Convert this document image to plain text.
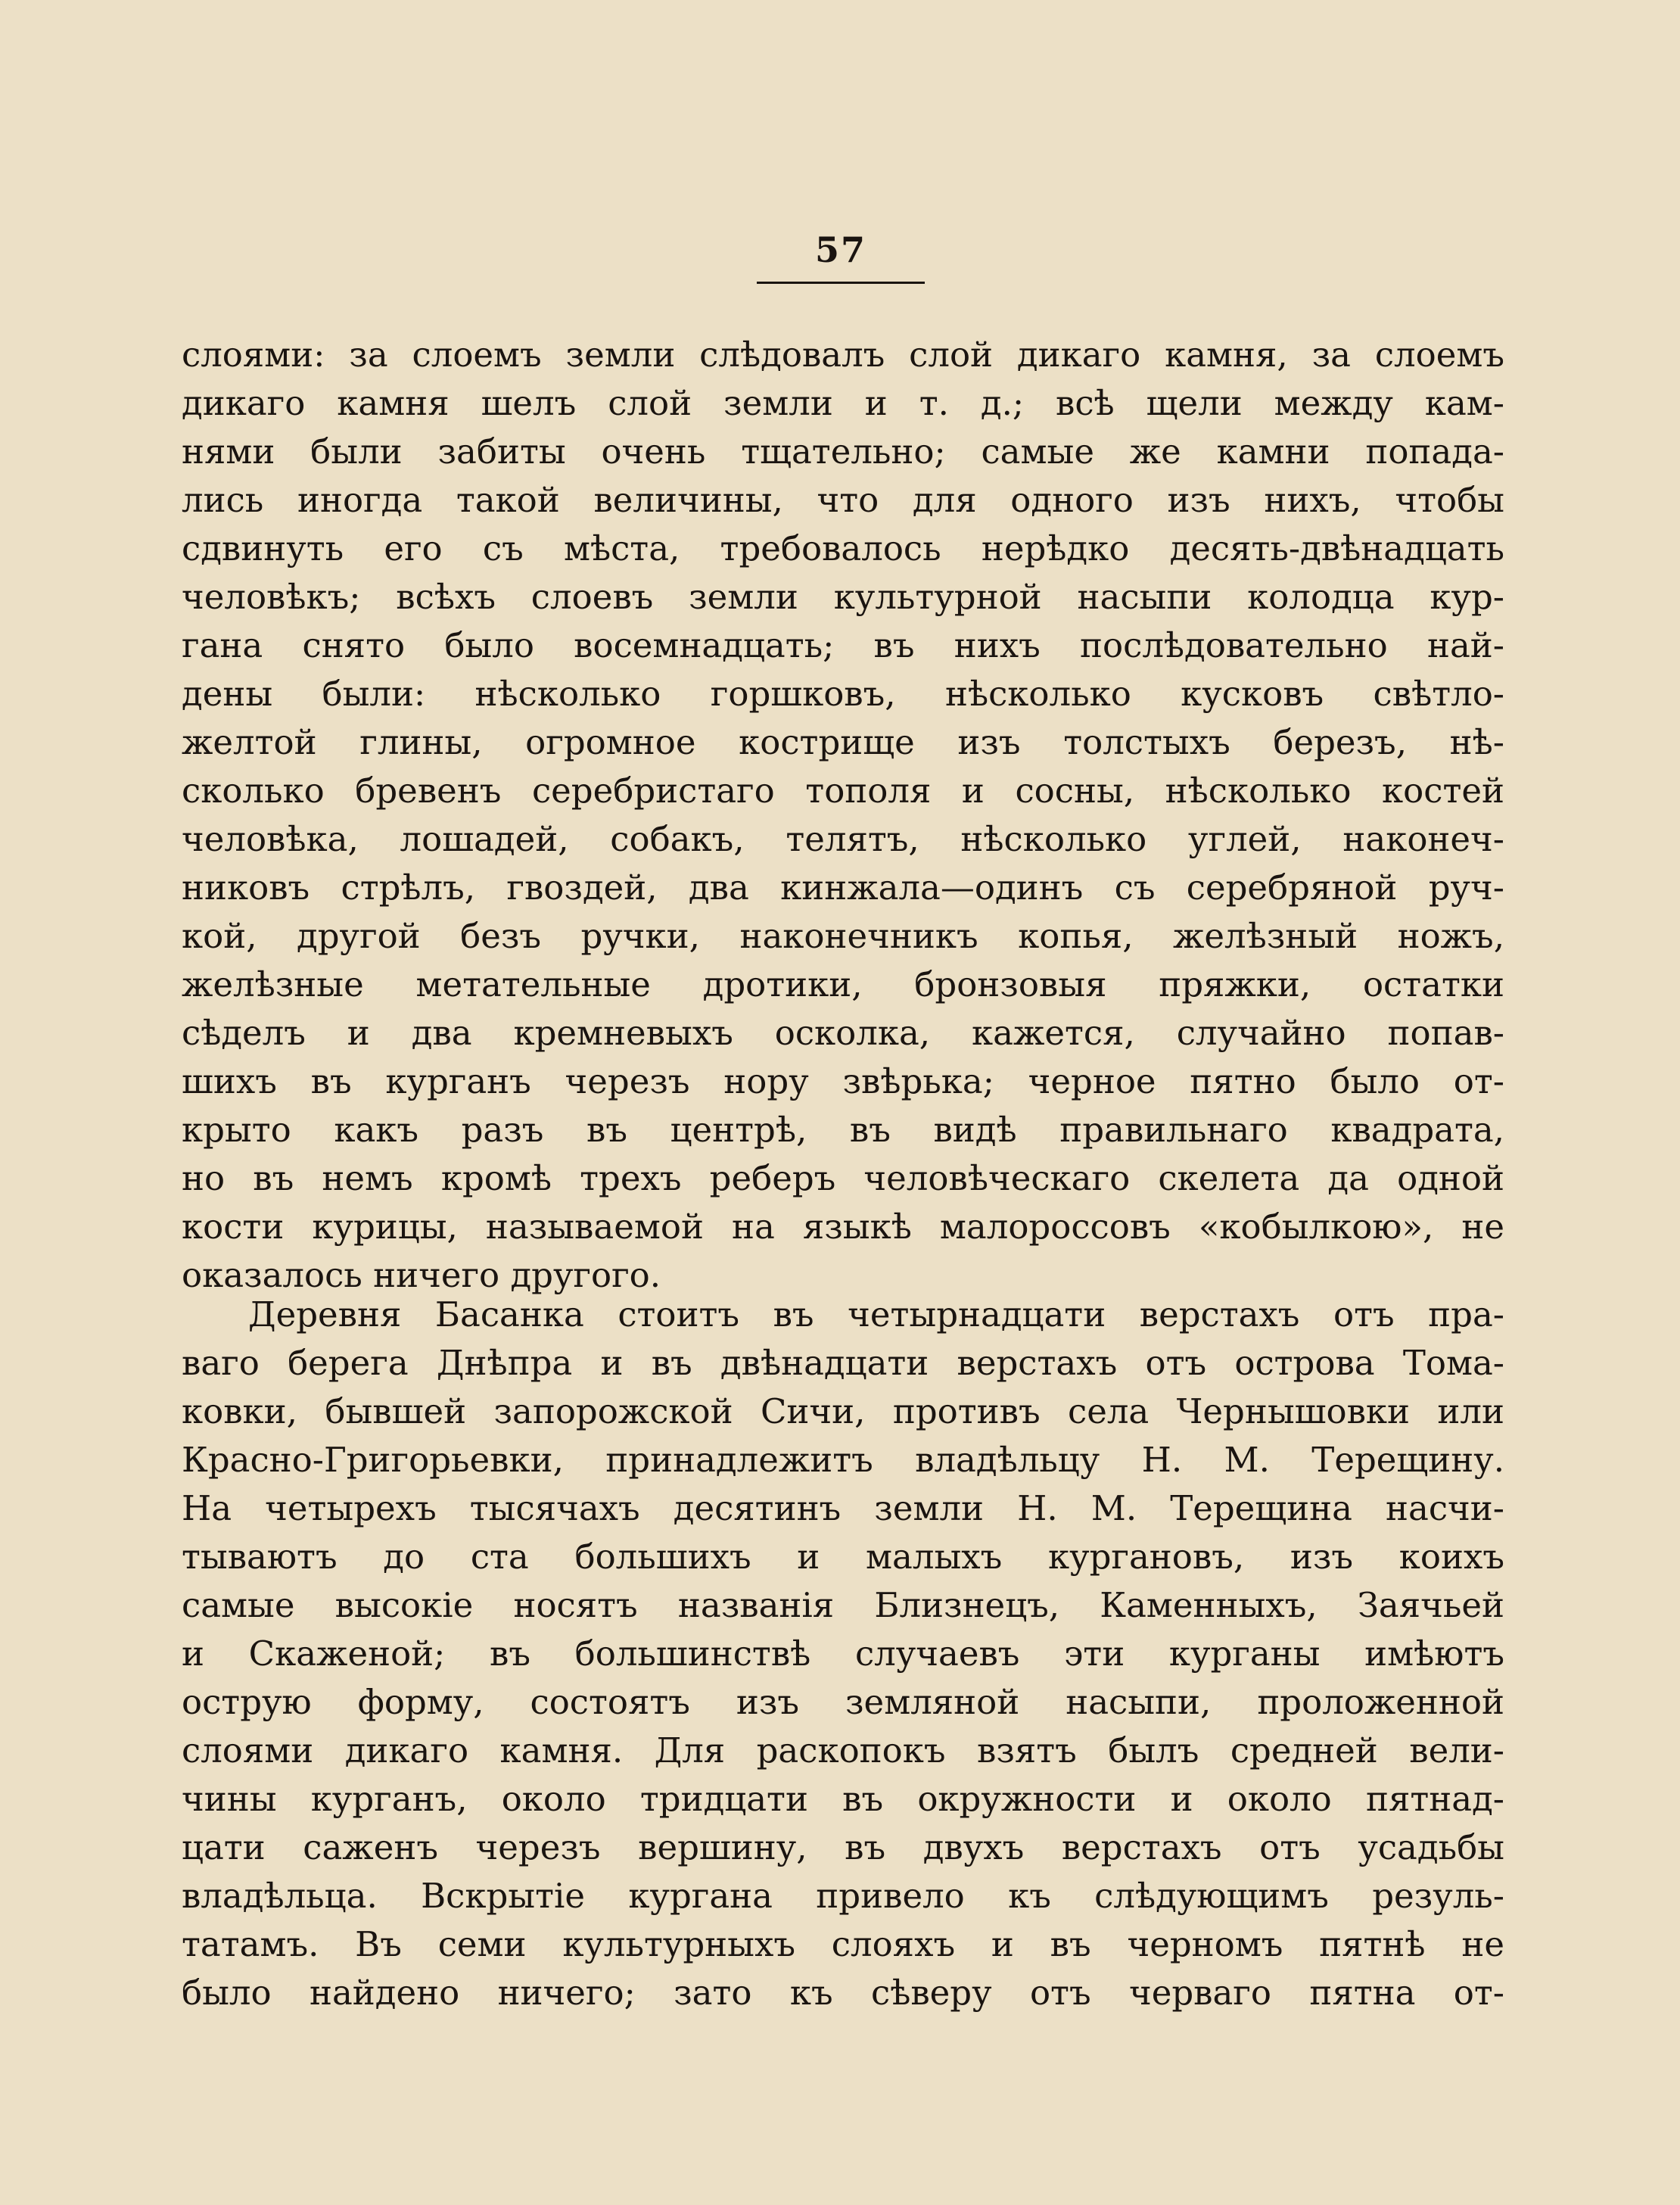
57
слоями: за слоемъ земли слѣдовалъ слой дикаго камня, за слоемъ
дикаго камня шелъ слой земли и т. д.; всѣ щели между кам-
нями были забиты очень тщательно; самые же камни попада-
лись иногда такой величины, что для одного изъ нихъ, чтобы
сдвинуть его съ мѣста, требовалось нерѣдко десять-двѣнадцать
человѣкъ; всѣхъ слоевъ земли культурной насыпи колодца кур-
гана снято было восемнадцать; въ нихъ послѣдовательно най-
дены были: нѣсколько горшковъ, нѣсколько кусковъ свѣтло-
желтой глины, огромное кострище изъ толстыхъ березъ, нѣ-
сколько бревенъ серебристаго тополя и сосны, нѣсколько костей
человѣка, лошадей, собакъ, телятъ, нѣсколько углей, наконеч-
никовъ стрѣлъ, гвоздей, два кинжала—одинъ съ серебряной руч-
кой, другой безъ ручки, наконечникъ копья, желѣзный ножъ,
желѣзные метательные дротики, бронзовыя пряжки, остатки
сѣделъ и два кремневыхъ осколка, кажется, случайно попав-
шихъ въ курганъ черезъ нору звѣрька; черное пятно было от-
крыто какъ разъ въ центрѣ, въ видѣ правильнаго квадрата,
но въ немъ кромѣ трехъ реберъ человѣческаго скелета да одной
кости курицы, называемой на языкѣ малороссовъ «кобылкою», не
оказалось ничего другого.
Деревня Басанка стоитъ въ четырнадцати верстахъ отъ пра-
ваго берега Днѣпра и въ двѣнадцати верстахъ отъ острова Тома-
ковки, бывшей запорожской Сичи, противъ села Чернышовки или
Красно-Григорьевки, принадлежитъ владѣльцу Н. М. Терещину.
На четырехъ тысячахъ десятинъ земли Н. М. Терещина насчи-
тываютъ до ста большихъ и малыхъ кургановъ, изъ коихъ
самые высокіе носятъ названія Близнецъ, Каменныхъ, Заячьей
и Скаженой; въ большинствѣ случаевъ эти курганы имѣютъ
острую форму, состоятъ изъ земляной насыпи, проложенной
слоями дикаго камня. Для раскопокъ взятъ былъ средней вели-
чины курганъ, около тридцати въ окружности и около пятнад-
цати саженъ черезъ вершину, въ двухъ верстахъ отъ усадьбы
владѣльца. Вскрытіе кургана привело къ слѣдующимъ резуль-
татамъ. Въ семи культурныхъ слояхъ и въ черномъ пятнѣ не
было найдено ничего; зато къ сѣверу отъ черваго пятна от-
